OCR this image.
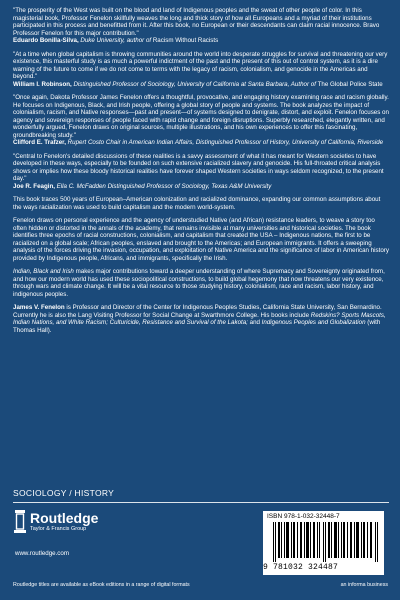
"The prosperity of the West was built on the blood and land of Indigenous peoples and the sweat of other people of color. In this magisterial book, Professor Fenelon skillfully weaves the long and thick story of how all Europeans and a myriad of their institutions participated in this process and benefitted from it. After this book, no European or their descendants can claim racial innocence. Bravo Professor Fenelon for this major contribution."

Eduardo Bonilla-Silva, Duke University, author of Racism Without Racists

"At a time when global capitalism is throwing communities around the world into desperate struggles for survival and threatening our very existence, this masterful study is as much a powerful indictment of the past and the present of this out of control system, as it is a dire warning of the future to come if we do not come to terms with the legacy of racism, colonialism, and genocide in the Americas and beyond."

William I. Robinson, Distinguished Professor of Sociology, University of California at Santa Barbara, Author of The Global Police State

"Once again, Dakota Professor James Fenelon offers a thoughtful, provocative, and engaging history examining race and racism globally. He focuses on Indigenous, Black, and Irish people, offering a global story of people and systems. The book analyzes the impact of colonialism, racism, and Native responses—past and present—of systems designed to denigrate, distort, and exploit. Fenelon focuses on agency and sovereign responses of people faced with rapid change and foreign disruptions. Superbly researched, elegantly written, and wonderfully argued, Fenelon draws on original sources, multiple illustrations, and his own experiences to offer this fascinating, groundbreaking study."

Clifford E. Trafzer, Rupert Costo Chair in American Indian Affairs, Distinguished Professor of History, University of California, Riverside

"Central to Fenelon's detailed discussions of these realities is a savvy assessment of what it has meant for Western societies to have developed in these ways, especially to be founded on such extensive racialized slavery and genocide. His full-throated critical analysis shows or implies how these bloody historical realities have forever shaped Western societies in ways seldom recognized, to the present day."

Joe R. Feagin, Ella C. McFadden Distinguished Professor of Sociology, Texas A&M University

This book traces 500 years of European–American colonization and racialized dominance, expanding our common assumptions about the ways racialization was used to build capitalism and the modern world-system.

Fenelon draws on personal experience and the agency of understudied Native (and African) resistance leaders, to weave a story too often hidden or distorted in the annals of the academy, that remains invisible at many universities and historical societies. The book identifies three epochs of racial constructions, colonialism, and capitalism that created the USA – Indigenous nations, the first to be racialized on a global scale; African peoples, enslaved and brought to the Americas; and European immigrants. It offers a sweeping analysis of the forces driving the invasion, occupation, and exploitation of Native America and the significance of labor in American history provided by Indigenous people, Africans, and immigrants, specifically the Irish.

Indian, Black and Irish makes major contributions toward a deeper understanding of where Supremacy and Sovereignty originated from, and how our modern world has used these sociopolitical constructions, to build global hegemony that now threatens our very existence, through wars and climate change. It will be a vital resource to those studying history, colonialism, race and racism, labor history, and indigenous peoples.

James V. Fenelon is Professor and Director of the Center for Indigenous Peoples Studies, California State University, San Bernardino. Currently he is also the Lang Visiting Professor for Social Change at Swarthmore College. His books include Redskins? Sports Mascots, Indian Nations, and White Racism; Culturicide, Resistance and Survival of the Lakota; and Indigenous Peoples and Globalization (with Thomas Hall).

SOCIOLOGY / HISTORY
Routledge
Taylor & Francis Group
www.routledge.com
ISBN 978-1-032-32448-7
9 781032 324487
Routledge titles are available as eBook editions in a range of digital formats	an informa business
